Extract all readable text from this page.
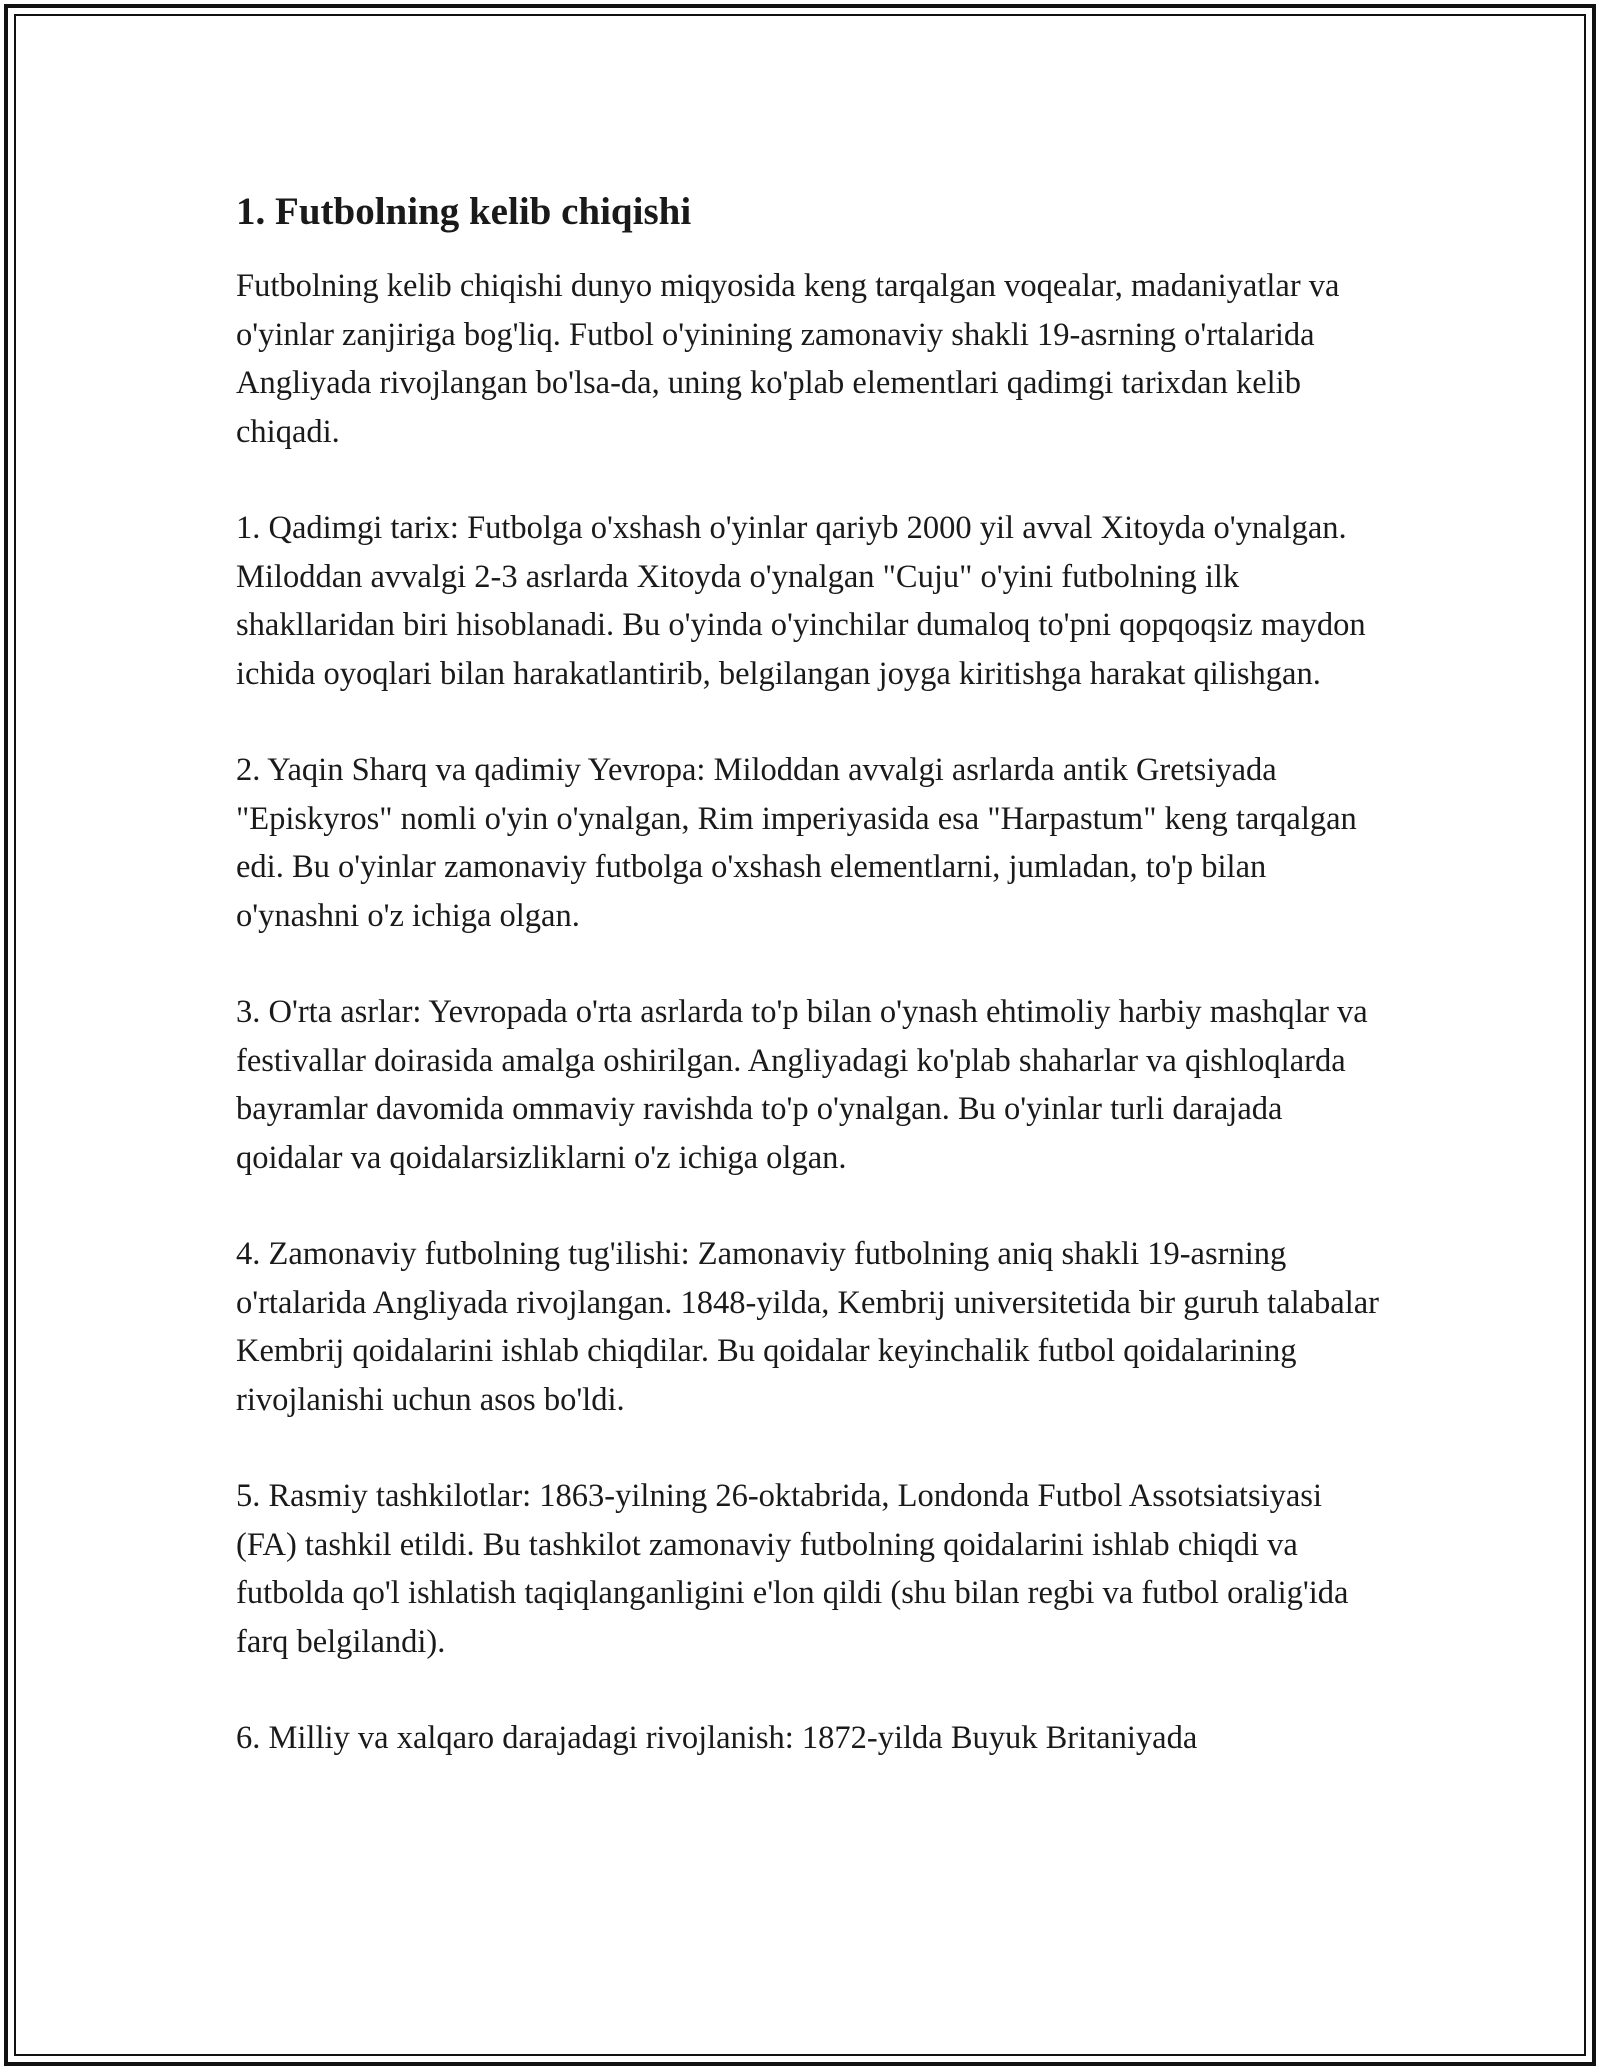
1. Futbolning kelib chiqishi

Futbolning kelib chiqishi dunyo miqyosida keng tarqalgan voqealar, madaniyatlar va o'yinlar zanjiriga bog'liq. Futbol o'yinining zamonaviy shakli 19-asrning o'rtalarida Angliyada rivojlangan bo'lsa-da, uning ko'plab elementlari qadimgi tarixdan kelib chiqadi.

1. Qadimgi tarix: Futbolga o'xshash o'yinlar qariyb 2000 yil avval Xitoyda o'ynalgan. Miloddan avvalgi 2-3 asrlarda Xitoyda o'ynalgan "Cuju" o'yini futbolning ilk shakllaridan biri hisoblanadi. Bu o'yinda o'yinchilar dumaloq to'pni qopqoqsiz maydon ichida oyoqlari bilan harakatlantirib, belgilangan joyga kiritishga harakat qilishgan.

2. Yaqin Sharq va qadimiy Yevropa: Miloddan avvalgi asrlarda antik Gretsiyada "Episkyros" nomli o'yin o'ynalgan, Rim imperiyasida esa "Harpastum" keng tarqalgan edi. Bu o'yinlar zamonaviy futbolga o'xshash elementlarni, jumladan, to'p bilan o'ynashni o'z ichiga olgan.

3. O'rta asrlar: Yevropada o'rta asrlarda to'p bilan o'ynash ehtimoliy harbiy mashqlar va festivallar doirasida amalga oshirilgan. Angliyadagi ko'plab shaharlar va qishloqlarda bayramlar davomida ommaviy ravishda to'p o'ynalgan. Bu o'yinlar turli darajada qoidalar va qoidalarsizliklarni o'z ichiga olgan.

4. Zamonaviy futbolning tug'ilishi: Zamonaviy futbolning aniq shakli 19-asrning o'rtalarida Angliyada rivojlangan. 1848-yilda, Kembrij universitetida bir guruh talabalar Kembrij qoidalarini ishlab chiqdilar. Bu qoidalar keyinchalik futbol qoidalarining rivojlanishi uchun asos bo'ldi.

5. Rasmiy tashkilotlar: 1863-yilning 26-oktabrida, Londonda Futbol Assotsiatsiyasi (FA) tashkil etildi. Bu tashkilot zamonaviy futbolning qoidalarini ishlab chiqdi va futbolda qo'l ishlatish taqiqlanganligini e'lon qildi (shu bilan regbi va futbol oralig'ida farq belgilandi).

6. Milliy va xalqaro darajadagi rivojlanish: 1872-yilda Buyuk Britaniyada
